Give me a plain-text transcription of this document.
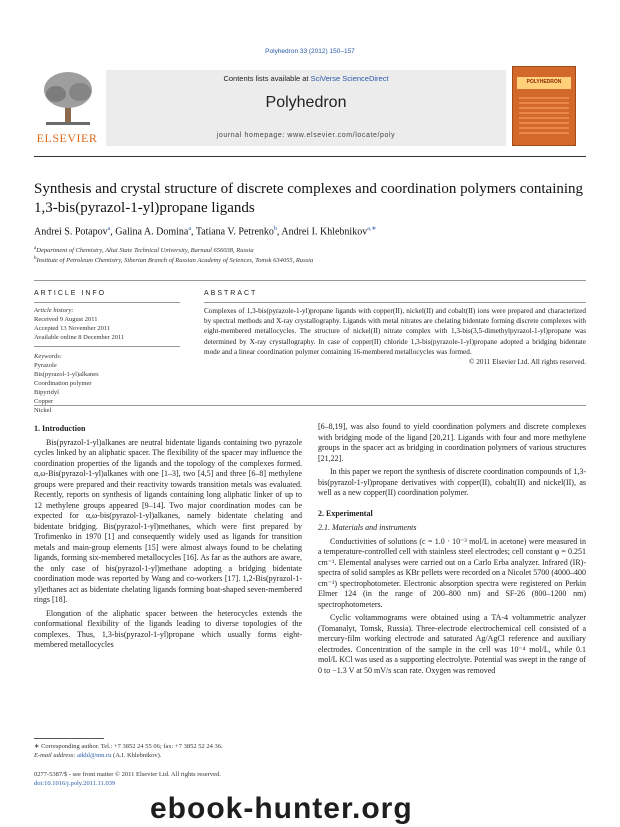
Polyhedron 33 (2012) 150–157
ELSEVIER
Contents lists available at SciVerse ScienceDirect
Polyhedron
journal homepage: www.elsevier.com/locate/poly
POLYHEDRON
Synthesis and crystal structure of discrete complexes and coordination polymers containing 1,3-bis(pyrazol-1-yl)propane ligands
Andrei S. Potapov$^a$, Galina A. Domina$^a$, Tatiana V. Petrenko$^b$, Andrei I. Khlebnikov$^{a,∗}$
$^a$Department of Chemistry, Altai State Technical University, Barnaul 656038, Russia
$^b$Institute of Petroleum Chemistry, Siberian Branch of Russian Academy of Sciences, Tomsk 634055, Russia
ARTICLE INFO	ABSTRACT
Article history:
Received 9 August 2011
Accepted 13 November 2011
Available online 8 December 2011
Keywords:
Pyrazole
Bis(pyrazol-1-yl)alkanes
Coordination polymer
Bipyridyl
Copper
Nickel
Complexes of 1,3-bis(pyrazole-1-yl)propane ligands with copper(II), nickel(II) and cobalt(II) ions were prepared and characterized by spectral methods and X-ray crystallography. Ligands with metal nitrates are chelating bidentate forming discrete complexes with eight-membered metallocycles. The structure of nickel(II) nitrate complex with 1,3-bis(3,5-dimethylpyrazol-1-yl)propane was determined by X-ray crystallography. In case of copper(II) chloride 1,3-bis(pyrazole-1-yl)propane adopted a bridging bidentate mode and a linear coordination polymer containing 16-membered metallocycles was formed.
© 2011 Elsevier Ltd. All rights reserved.

1. Introduction

Bis(pyrazol-1-yl)alkanes are neutral bidentate ligands containing two pyrazole cycles linked by an aliphatic spacer. The flexibility of the spacer may influence the coordination properties of the ligands and the topology of the complexes formed. α,ω-Bis(pyrazol-1-yl)alkanes with one [1–3], two [4,5] and three [6–8] methylene groups were prepared and their reactivity towards transition metals was evaluated. Recently, reports on synthesis of ligands containing long aliphatic linker of up to 12 methylene groups appeared [9–14]. Two major coordination modes can be expected for α,ω-bis(pyrazol-1-yl)alkanes, namely bidentate chelating and bidentate bridging. Bis(pyrazol-1-yl)methanes, which were first prepared by Trofimenko in 1970 [1] and consequently widely used as ligands for transition metals and main-group elements [15] were almost always found to be chelating ligands, forming six-membered metallocycles [16]. As far as the authors are aware, the only case of bis(pyrazol-1-yl)methane adopting a bridging bidentate coordination mode was reported by Wang and co-workers [17]. 1,2-Bis(pyrazol-1-yl)ethanes act as bidentate chelating ligands forming boat-shaped seven-membered rings [18].

Elongation of the aliphatic spacer between the heterocycles extends the conformational flexibility of the ligands leading to diverse topologies of the complexes. Thus, 1,3-bis(pyrazol-1-yl)propane which usually forms eight-membered metallocycles

[6–8,19], was also found to yield coordination polymers and discrete complexes with bridging mode of the ligand [20,21]. Ligands with four and more methylene groups in the spacer act as bridging in coordination polymers of various structures [21,22].

In this paper we report the synthesis of discrete coordination compounds of 1,3-bis(pyrazol-1-yl)propane derivatives with copper(II), cobalt(II) and nickel(II), as well as a new copper(II) coordination polymer.

2. Experimental

2.1. Materials and instruments

Conductivities of solutions (c = 1.0 · 10⁻³ mol/L in acetone) were measured in a temperature-controlled cell with stainless steel electrodes; cell constant φ = 0.251 cm⁻¹. Elemental analyses were carried out on a Carlo Erba analyzer. Infrared (IR)-spectra of solid samples as KBr pellets were recorded on a Nicolet 5700 (4000–400 cm⁻¹) spectrophotometer. Electronic absorption spectra were registered on Perkin Elmer 124 (in the range of 200–800 nm) and SF-26 (800–1200 nm) spectrophotometers.

Cyclic voltammograms were obtained using a TA-4 voltammetric analyzer (Tomanalyt, Tomsk, Russia). Three-electrode electrochemical cell consisted of a mercury-film working electrode and saturated Ag/AgCl reference and auxiliary electrodes. Concentration of the sample in the cell was 10⁻⁴ mol/L, while 0.1 mol/L KCl was used as a supporting electrolyte. Potential was swept in the range of 0 to −1.3 V at 50 mV/s scan rate. Oxygen was removed

∗ Corresponding author. Tel.: +7 3852 24 55 06; fax: +7 3852 52 24 36.
E-mail address: aikhl@nm.ru (A.I. Khlebnikov).
0277-5387/$ - see front matter © 2011 Elsevier Ltd. All rights reserved.
doi:10.1016/j.poly.2011.11.039
ebook-hunter.org
